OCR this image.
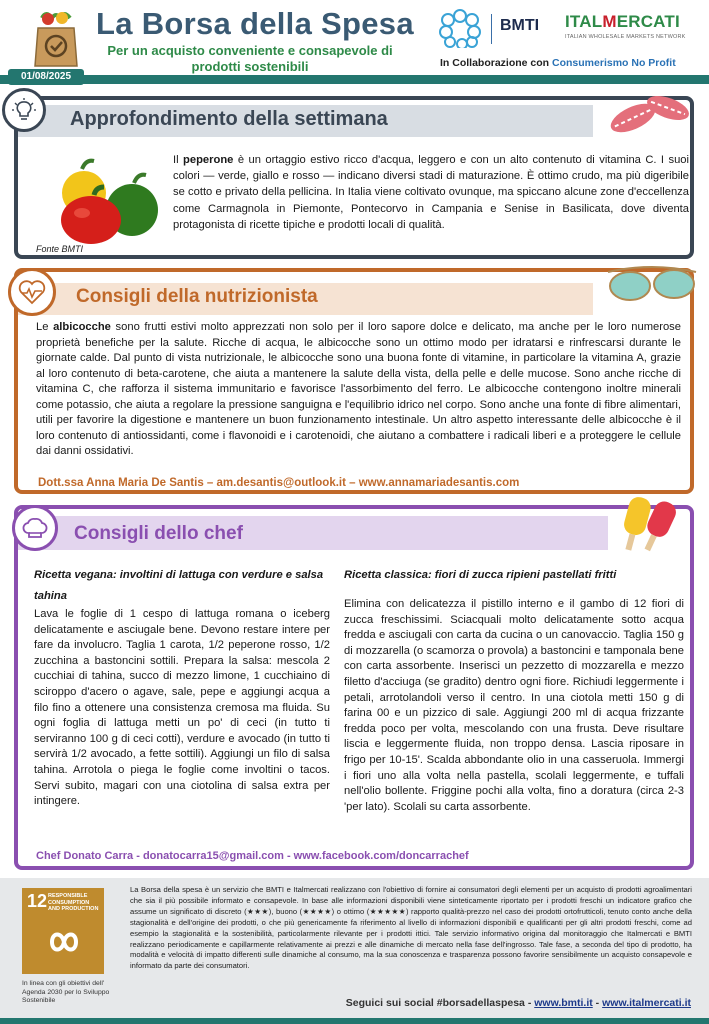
La Borsa della Spesa
Per un acquisto conveniente e consapevole di prodotti sostenibili
BMTI ITALMERCATI
ITALIAN WHOLESALE MARKETS NETWORK
In Collaborazione con Consumerismo No Profit
01/08/2025
Approfondimento della settimana
Fonte BMTI
Il peperone è un ortaggio estivo ricco d'acqua, leggero e con un alto contenuto di vitamina C. I suoi colori — verde, giallo e rosso — indicano diversi stadi di maturazione. È ottimo crudo, ma più digeribile se cotto e privato della pellicina. In Italia viene coltivato ovunque, ma spiccano alcune zone d'eccellenza come Carmagnola in Piemonte, Pontecorvo in Campania e Senise in Basilicata, dove diventa protagonista di ricette tipiche e prodotti locali di qualità.
Consigli della nutrizionista
Le albicocche sono frutti estivi molto apprezzati non solo per il loro sapore dolce e delicato, ma anche per le loro numerose proprietà benefiche per la salute. Ricche di acqua, le albicocche sono un ottimo modo per idratarsi e rinfrescarsi durante le giornate calde. Dal punto di vista nutrizionale, le albicocche sono una buona fonte di vitamine, in particolare la vitamina A, grazie al loro contenuto di beta-carotene, che aiuta a mantenere la salute della vista, della pelle e delle mucose. Sono anche ricche di vitamina C, che rafforza il sistema immunitario e favorisce l'assorbimento del ferro. Le albicocche contengono inoltre minerali come potassio, che aiuta a regolare la pressione sanguigna e l'equilibrio idrico nel corpo. Sono anche una fonte di fibre alimentari, utili per favorire la digestione e mantenere un buon funzionamento intestinale. Un altro aspetto interessante delle albicocche è il loro contenuto di antiossidanti, come i flavonoidi e i carotenoidi, che aiutano a combattere i radicali liberi e a proteggere le cellule dai danni ossidativi.
Dott.ssa Anna Maria De Santis – am.desantis@outlook.it – www.annamariadesantis.com
Consigli dello chef
Ricetta vegana: involtini di lattuga con verdure e salsa tahina
Lava le foglie di 1 cespo di lattuga romana o iceberg delicatamente e asciugale bene. Devono restare intere per fare da involucro. Taglia 1 carota, 1/2 peperone rosso, 1/2 zucchina a bastoncini sottili. Prepara la salsa: mescola 2 cucchiai di tahina, succo di mezzo limone, 1 cucchiaino di sciroppo d'acero o agave, sale, pepe e aggiungi acqua a filo fino a ottenere una consistenza cremosa ma fluida. Su ogni foglia di lattuga metti un po' di ceci (in tutto ti serviranno 100 g di ceci cotti), verdure e avocado (in tutto ti servirà 1/2 avocado, a fette sottili). Aggiungi un filo di salsa tahina. Arrotola o piega le foglie come involtini o tacos. Servi subito, magari con una ciotolina di salsa extra per intingere.
Ricetta classica: fiori di zucca ripieni pastellati fritti
Elimina con delicatezza il pistillo interno e il gambo di 12 fiori di zucca freschissimi. Sciacquali molto delicatamente sotto acqua fredda e asciugali con carta da cucina o un canovaccio. Taglia 150 g di mozzarella (o scamorza o provola) a bastoncini e tamponala bene con carta assorbente. Inserisci un pezzetto di mozzarella e mezzo filetto d'acciuga (se gradito) dentro ogni fiore. Richiudi leggermente i petali, arrotolandoli verso il centro. In una ciotola metti 150 g di farina 00 e un pizzico di sale. Aggiungi 200 ml di acqua frizzante fredda poco per volta, mescolando con una frusta. Deve risultare liscia e leggermente fluida, non troppo densa. Lascia riposare in frigo per 10-15'. Scalda abbondante olio in una casseruola. Immergi i fiori uno alla volta nella pastella, scolali leggermente, e tuffali nell'olio bollente. Friggine pochi alla volta, fino a doratura (circa 2-3 'per lato). Scolali su carta assorbente.
Chef Donato Carra - donatocarra15@gmail.com - www.facebook.com/doncarrachef
12 RESPONSIBLE CONSUMPTION AND PRODUCTION
In linea con gli obiettivi dell' Agenda 2030 per lo Sviluppo Sostenibile
La Borsa della spesa è un servizio che BMTI e Italmercati realizzano con l'obiettivo di fornire ai consumatori degli elementi per un acquisto di prodotti agroalimentari che sia il più possibile informato e consapevole. In base alle informazioni disponibili viene sinteticamente riportato per i prodotti freschi un indicatore grafico che assume un significato di discreto (★★★), buono (★★★★) o ottimo (★★★★★) rapporto qualità-prezzo nel caso dei prodotti ortofrutticoli, tenuto conto anche della stagionalità e dell'origine dei prodotti, o che più genericamente fa riferimento al livello di informazioni disponibili e qualificanti per gli altri prodotti freschi, come ad esempio la stagionalità e la sostenibilità, particolarmente rilevante per i prodotti ittici. Tale servizio informativo origina dal monitoraggio che Italmercati e BMTI realizzano periodicamente e capillarmente relativamente ai prezzi e alle dinamiche di mercato nella fase dell'ingrosso. Tale fase, a seconda del tipo di prodotto, ha modalità e velocità di impatto differenti sulle dinamiche al consumo, ma la sua conoscenza e trasparenza possono favorire sensibilmente un acquisto consapevole e informato da parte dei consumatori.
Seguici sui social #borsadellaspesa - www.bmti.it - www.italmercati.it
